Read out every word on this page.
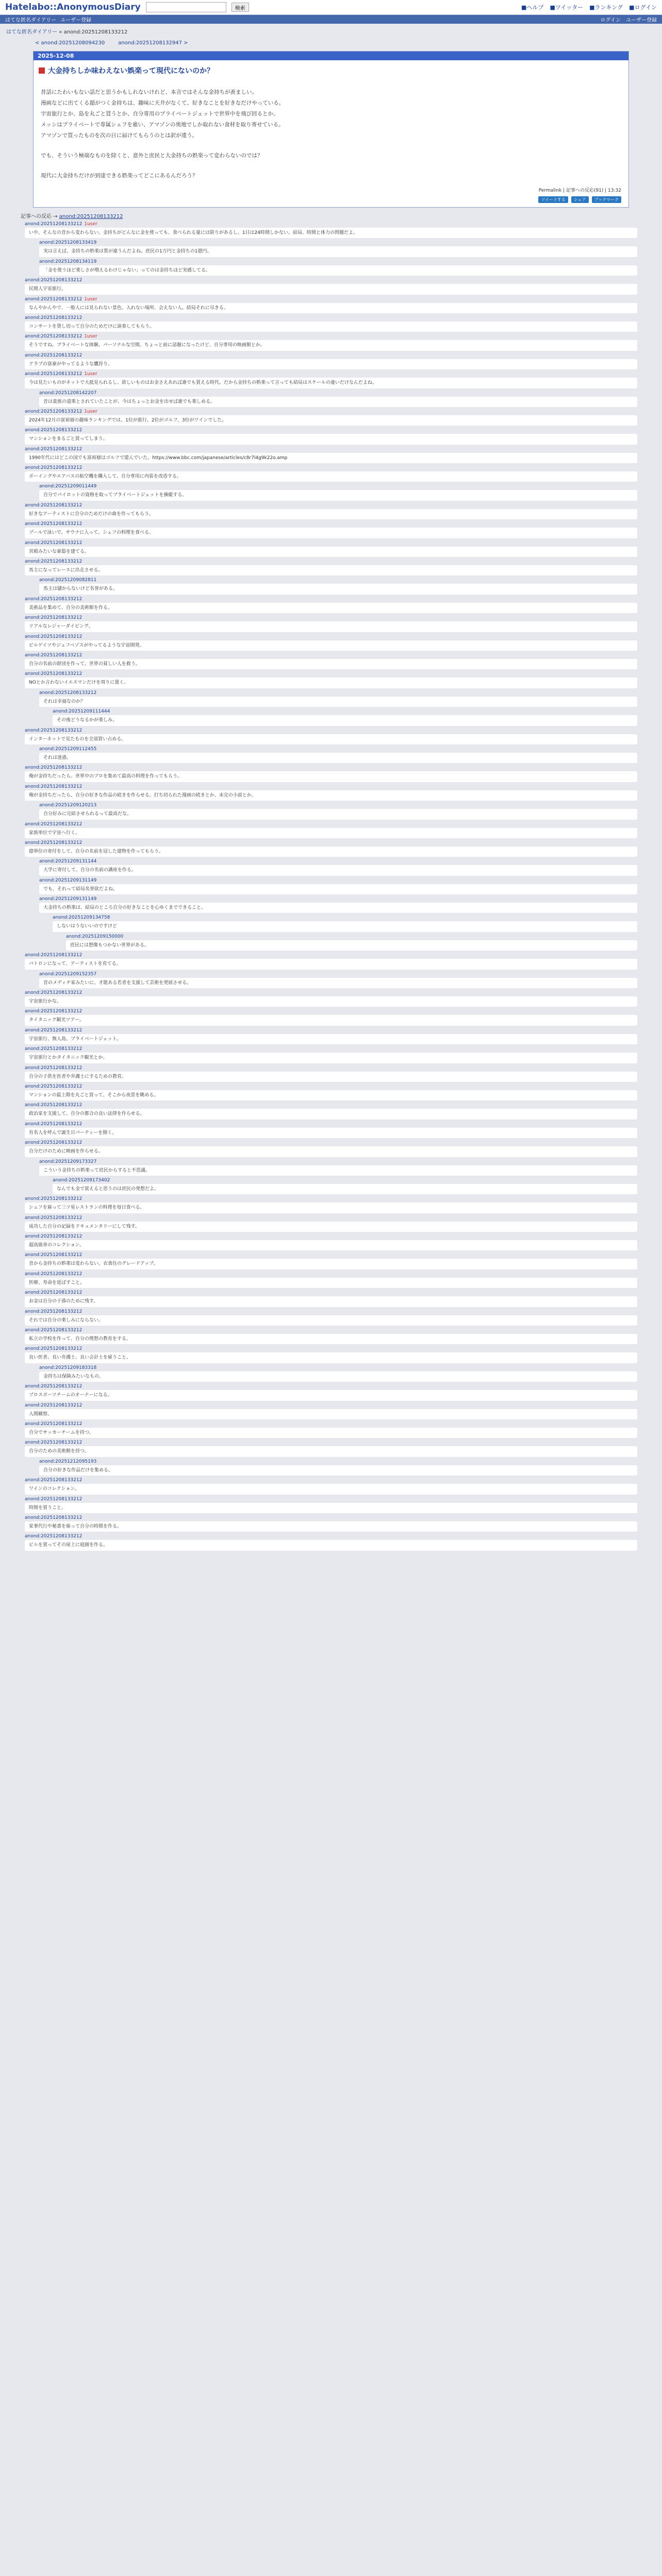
Hatelabo::AnonymousDiary	検索	■ヘルプ ■ツイッター ■ランキング ■ログイン
はてな匿名ダイアリー ユーザー登録	ログイン ユーザー登録
はてな匿名ダイアリー » anond:20251208133212
< anond:20251208094230	anond:20251208132947 >
2025-12-08
大金持ちしか味わえない娯楽って現代にないのか？

昔話にたわいもない話だと思うかもしれないけれど、本音ではそんな金持ちが羨ましい。

漫画などに出てくる超がつく金持ちは、趣味に天井がなくて、好きなことを好きなだけやっている。

宇宙旅行とか、島を丸ごと買うとか、自分専用のプライベートジェットで世界中を飛び回るとか。

メッシはプライベートで専属シェフを雇い、アマゾンの奥地でしか取れない食材を取り寄せている。

アマゾンで買ったものを次の日に届けてもらうのとは訳が違う。

でも、そういう極端なものを除くと、意外と庶民と大金持ちの娯楽って変わらないのでは？

現代に大金持ちだけが到達できる娯楽ってどこにあるんだろう？

Permalink | 記事への反応(91) | 13:32
ツイートする	シェア	ブックマーク
記事への反応 → anond:20251208133212
anond:20251208133212 1user
いや、そんなの昔から変わらない。金持ちがどんなに金を使っても、食べられる量には限りがあるし、1日は24時間しかない。結局、時間と体力の問題だよ。
anond:20251208133419
実は言えば、金持ちの娯楽は質が違うんだよね。庶民の1万円と金持ちの1億円。
anond:20251208134119
「金を使うほど楽しさが増えるわけじゃない」ってのは金持ちほど実感してる。
anond:20251208133212
民間人宇宙旅行。
anond:20251208133212 1user
なんやかんやで、一般人には見られない景色、入れない場所、会えない人。結局それに尽きる。
anond:20251208133212
コンサートを貸し切って自分のためだけに演奏してもらう。
anond:20251208133212 1user
そうですね。プライベートな体験、パーソナルな空間。ちょっと前に話題になったけど、自分専用の映画館とか。
anond:20251208133212
アラブの富豪がやってるような鷹狩り。
anond:20251208133212 1user
今は見たいものがネットで大抵見られるし、欲しいものはお金さえあれば誰でも買える時代。だから金持ちの娯楽って言っても結局はスケールの違いだけなんだよね。
anond:20251208142207
昔は貴族の道楽とされていたことが、今はちょっとお金を出せば誰でも楽しめる。
anond:20251208133212 1user
2024年12月の富裕層の趣味ランキングでは、1位が旅行、2位がゴルフ、3位がワインでした。
anond:20251208133212
マンションをまるごと買ってしまう。
anond:20251208133212
1990年代にはどこの国でも富裕層はゴルフで遊んでいた。https://www.bbc.com/japanese/articles/c8r7l4g9k22o.amp
anond:20251208133212
ボーイングやエアバスの航空機を購入して、自分専用に内装を改造する。
anond:20251209011449
自分でパイロットの資格を取ってプライベートジェットを操縦する。
anond:20251208133212
好きなアーティストに自分のためだけの曲を作ってもらう。
anond:20251208133212
プールで泳いで、サウナに入って、シェフの料理を食べる。
anond:20251208133212
宮殿みたいな豪邸を建てる。
anond:20251208133212
馬主になってレースに出走させる。
anond:20251209082811
馬主は儲からないけど名誉がある。
anond:20251208133212
美術品を集めて、自分の美術館を作る。
anond:20251208133212
リアルなレジャーダイビング。
anond:20251208133212
ビルゲイツやジェフベゾスがやってるような宇宙開発。
anond:20251208133212
自分の名前の財団を作って、世界の貧しい人を救う。
anond:20251208133212
NOとか言わないイエスマンだけを周りに置く。
anond:20251208133212
それは幸福なのか？
anond:20251209111444
その後どうなるかが楽しみ。
anond:20251208133212
インターネットで見たものを全部買い占める。
anond:20251209112455
それは迷惑。
anond:20251208133212
俺が金持ちだったら、世界中のプロを集めて最高の料理を作ってもらう。
anond:20251208133212
俺が金持ちだったら、自分の好きな作品の続きを作らせる。打ち切られた漫画の続きとか、未完の小説とか。
anond:20251209120213
自分好みに完結させられるって最高だな。
anond:20251208133212
家族単位で宇宙へ行く。
anond:20251208133212
億単位の寄付をして、自分の名前を冠した建物を作ってもらう。
anond:20251209131144
大学に寄付して、自分の名前の講座を作る。
anond:20251209131149
でも、それって結局名誉欲だよね。
anond:20251209131149
大金持ちの娯楽は、結局のところ自分の好きなことを心ゆくまでできること。
anond:20251209134758
しないはうないいのですけど
anond:20251209150000
庶民には想像もつかない世界がある。
anond:20251208133212
パトロンになって、アーティストを育てる。
anond:20251209152357
昔のメディチ家みたいに、才能ある若者を支援して芸術を発展させる。
anond:20251208133212
宇宙旅行かな。
anond:20251208133212
タイタニック観光ツアー。
anond:20251208133212
宇宙旅行、無人島、プライベートジェット。
anond:20251208133212
宇宙旅行とかタイタニック観光とか。
anond:20251208133212
自分の子供を医者や弁護士にするための教育。
anond:20251208133212
マンションの最上階を丸ごと買って、そこから夜景を眺める。
anond:20251208133212
政治家を支援して、自分の都合の良い法律を作らせる。
anond:20251208133212
有名人を呼んで誕生日パーティーを開く。
anond:20251208133212
自分だけのために映画を作らせる。
anond:20251209173327
こういう金持ちの娯楽って庶民からすると不思議。
anond:20251209173402
なんでも金で買えると思うのは庶民の発想だよ。
anond:20251208133212
シェフを雇って三ツ星レストランの料理を毎日食べる。
anond:20251208133212
成功した自分の記録をドキュメンタリーにして残す。
anond:20251208133212
超高級車のコレクション。
anond:20251208133212
昔から金持ちの娯楽は変わらない。衣食住のグレードアップ。
anond:20251208133212
医療、寿命を延ばすこと。
anond:20251208133212
お金は自分の子孫のために残す。
anond:20251208133212
それでは自分の楽しみにならない。
anond:20251208133212
私立の学校を作って、自分の理想の教育をする。
anond:20251208133212
良い医者、良い弁護士、良い会計士を雇うこと。
anond:20251209183318
金持ちは保険みたいなもの。
anond:20251208133212
プロスポーツチームのオーナーになる。
anond:20251208133212
人間観察。
anond:20251208133212
自分でサッカーチームを持つ。
anond:20251208133212
自分のための美術館を持つ。
anond:20251212095193
自分の好きな作品だけを集める。
anond:20251208133212
ワインのコレクション。
anond:20251208133212
時間を買うこと。
anond:20251208133212
家事代行や秘書を雇って自分の時間を作る。
anond:20251208133212
ビルを買ってその屋上に庭園を作る。
